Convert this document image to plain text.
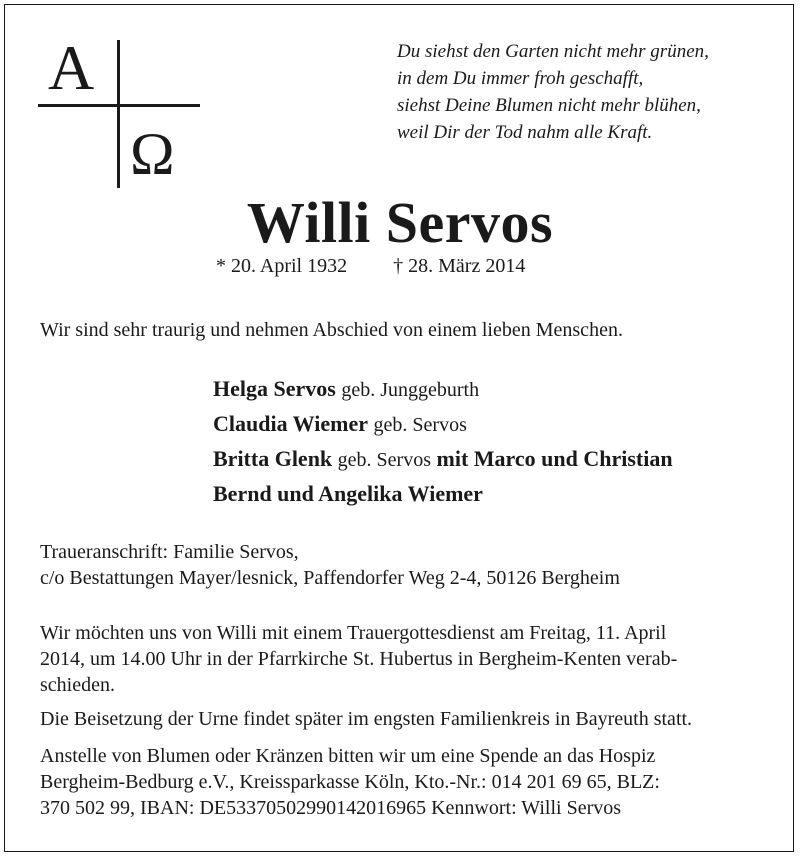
A
Ω
Du siehst den Garten nicht mehr grünen,
in dem Du immer froh geschafft,
siehst Deine Blumen nicht mehr blühen,
weil Dir der Tod nahm alle Kraft.
Willi Servos
* 20. April 1932 † 28. März 2014
Wir sind sehr traurig und nehmen Abschied von einem lieben Menschen.
Helga Servos geb. Junggeburth
Claudia Wiemer geb. Servos
Britta Glenk geb. Servos mit Marco und Christian
Bernd und Angelika Wiemer
Traueranschrift: Familie Servos,
c/o Bestattungen Mayer/lesnick, Paffendorfer Weg 2-4, 50126 Bergheim
Wir möchten uns von Willi mit einem Trauergottesdienst am Freitag, 11. April
2014, um 14.00 Uhr in der Pfarrkirche St. Hubertus in Bergheim-Kenten verab-
schieden.
Die Beisetzung der Urne findet später im engsten Familienkreis in Bayreuth statt.
Anstelle von Blumen oder Kränzen bitten wir um eine Spende an das Hospiz
Bergheim-Bedburg e.V., Kreissparkasse Köln, Kto.-Nr.: 014 201 69 65, BLZ:
370 502 99, IBAN: DE53370502990142016965 Kennwort: Willi Servos
